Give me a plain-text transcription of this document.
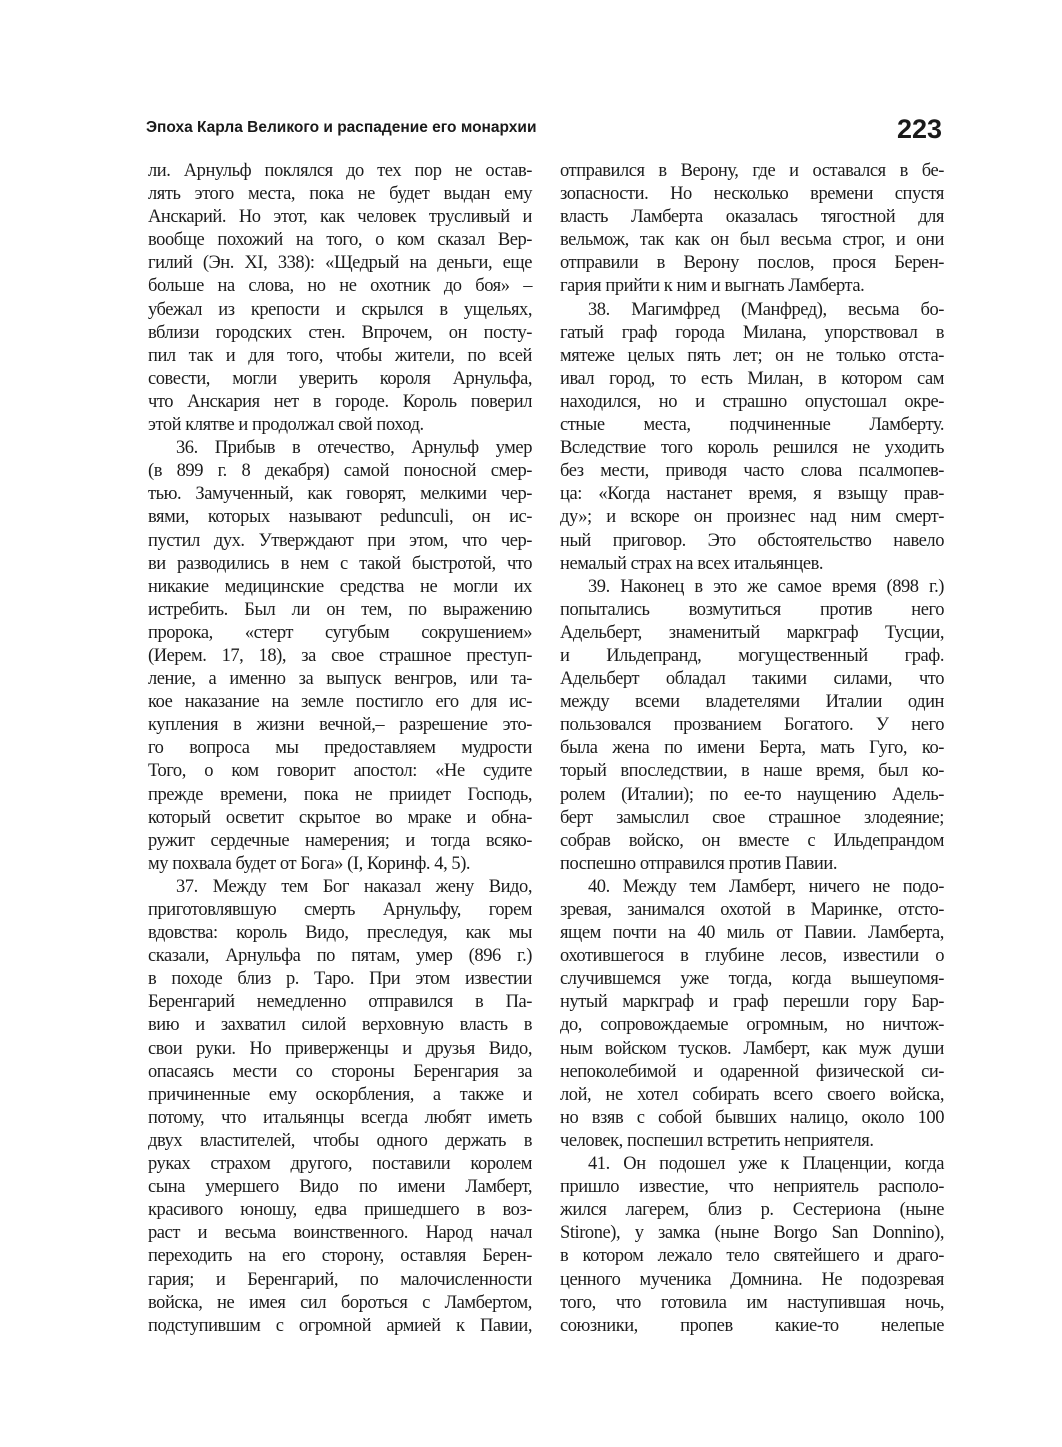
Эпоха Карла Великого и распадение его монархии	223

ли. Арнульф поклялся до тех пор не остав-

лять этого места, пока не будет выдан ему

Анскарий. Но этот, как человек трусливый и

вообще похожий на того, о ком сказал Вер-

гилий (Эн. XI, 338): «Щедрый на деньги, еще

больше на слова, но не охотник до боя» –

убежал из крепости и скрылся в ущельях,

вблизи городских стен. Впрочем, он посту-

пил так и для того, чтобы жители, по всей

совести, могли уверить короля Арнульфа,

что Анскария нет в городе. Король поверил

этой клятве и продолжал свой поход.

36. Прибыв в отечество, Арнульф умер

(в 899 г. 8 декабря) самой поносной смер-

тью. Замученный, как говорят, мелкими чер-

вями, которых называют pedunculi, он ис-

пустил дух. Утверждают при этом, что чер-

ви разводились в нем с такой быстротой, что

никакие медицинские средства не могли их

истребить. Был ли он тем, по выражению

пророка, «стерт сугубым сокрушением»

(Иерем. 17, 18), за свое страшное преступ-

ление, а именно за выпуск венгров, или та-

кое наказание на земле постигло его для ис-

купления в жизни вечной,– разрешение это-

го вопроса мы предоставляем мудрости

Того, о ком говорит апостол: «Не судите

прежде времени, пока не приидет Господь,

который осветит скрытое во мраке и обна-

ружит сердечные намерения; и тогда всяко-

му похвала будет от Бога» (I, Коринф. 4, 5).

37. Между тем Бог наказал жену Видо,

приготовлявшую смерть Арнульфу, горем

вдовства: король Видо, преследуя, как мы

сказали, Арнульфа по пятам, умер (896 г.)

в походе близ р. Таро. При этом известии

Беренгарий немедленно отправился в Па-

вию и захватил силой верховную власть в

свои руки. Но приверженцы и друзья Видо,

опасаясь мести со стороны Беренгария за

причиненные ему оскорбления, а также и

потому, что итальянцы всегда любят иметь

двух властителей, чтобы одного держать в

руках страхом другого, поставили королем

сына умершего Видо по имени Ламберт,

красивого юношу, едва пришедшего в воз-

раст и весьма воинственного. Народ начал

переходить на его сторону, оставляя Берен-

гария; и Беренгарий, по малочисленности

войска, не имея сил бороться с Ламбертом,

подступившим с огромной армией к Павии,

отправился в Верону, где и оставался в бе-

зопасности. Но несколько времени спустя

власть Ламберта оказалась тягостной для

вельмож, так как он был весьма строг, и они

отправили в Верону послов, прося Берен-

гария прийти к ним и выгнать Ламберта.

38. Магимфред (Манфред), весьма бо-

гатый граф города Милана, упорствовал в

мятеже целых пять лет; он не только отста-

ивал город, то есть Милан, в котором сам

находился, но и страшно опустошал окре-

стные места, подчиненные Ламберту.

Вследствие того король решился не уходить

без мести, приводя часто слова псалмопев-

ца: «Когда настанет время, я взыщу прав-

ду»; и вскоре он произнес над ним смерт-

ный приговор. Это обстоятельство навело

немалый страх на всех итальянцев.

39. Наконец в это же самое время (898 г.)

попытались возмутиться против него

Адельберт, знаменитый маркграф Тусции,

и Ильдепранд, могущественный граф.

Адельберт обладал такими силами, что

между всеми владетелями Италии один

пользовался прозванием Богатого. У него

была жена по имени Берта, мать Гуго, ко-

торый впоследствии, в наше время, был ко-

ролем (Италии); по ее-то наущению Адель-

берт замыслил свое страшное злодеяние;

собрав войско, он вместе с Ильдепрандом

поспешно отправился против Павии.

40. Между тем Ламберт, ничего не подо-

зревая, занимался охотой в Маринке, отсто-

ящем почти на 40 миль от Павии. Ламберта,

охотившегося в глубине лесов, известили о

случившемся уже тогда, когда вышеупомя-

нутый маркграф и граф перешли гору Бар-

до, сопровождаемые огромным, но ничтож-

ным войском тусков. Ламберт, как муж души

непоколебимой и одаренной физической си-

лой, не хотел собирать всего своего войска,

но взяв с собой бывших налицо, около 100

человек, поспешил встретить неприятеля.

41. Он подошел уже к Плаценции, когда

пришло известие, что неприятель располо-

жился лагерем, близ р. Сестериона (ныне

Stirone), у замка (ныне Borgo San Donnino),

в котором лежало тело святейшего и драго-

ценного мученика Домнина. Не подозревая

того, что готовила им наступившая ночь,

союзники, пропев какие-то нелепые
